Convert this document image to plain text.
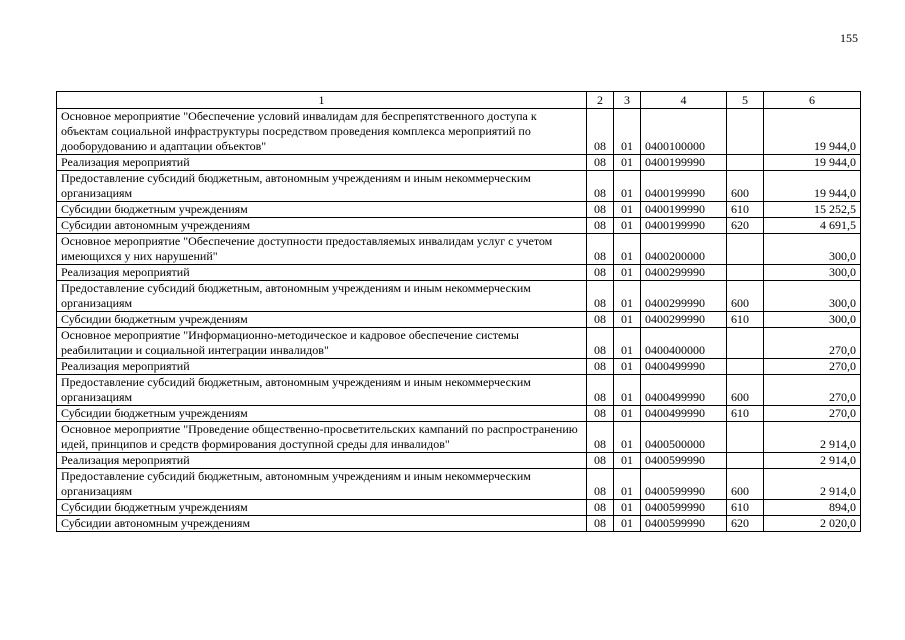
155
1	2	3	4	5	6
Основное мероприятие "Обеспечение условий инвалидам для беспрепятственного доступа к объектам социальной инфраструктуры посредством проведения комплекса мероприятий по дооборудованию и адаптации объектов"	08	01	0400100000		19 944,0
Реализация мероприятий	08	01	0400199990		19 944,0
Предоставление субсидий бюджетным, автономным учреждениям и иным некоммерческим организациям	08	01	0400199990	600	19 944,0
Субсидии бюджетным учреждениям	08	01	0400199990	610	15 252,5
Субсидии автономным учреждениям	08	01	0400199990	620	4 691,5
Основное мероприятие "Обеспечение доступности предоставляемых инвалидам услуг с учетом имеющихся у них нарушений"	08	01	0400200000		300,0
Реализация мероприятий	08	01	0400299990		300,0
Предоставление субсидий бюджетным, автономным учреждениям и иным некоммерческим организациям	08	01	0400299990	600	300,0
Субсидии бюджетным учреждениям	08	01	0400299990	610	300,0
Основное мероприятие "Информационно-методическое и кадровое обеспечение системы реабилитации и социальной интеграции инвалидов"	08	01	0400400000		270,0
Реализация мероприятий	08	01	0400499990		270,0
Предоставление субсидий бюджетным, автономным учреждениям и иным некоммерческим организациям	08	01	0400499990	600	270,0
Субсидии бюджетным учреждениям	08	01	0400499990	610	270,0
Основное мероприятие "Проведение общественно-просветительских кампаний по распространению идей, принципов и средств формирования доступной среды для инвалидов"	08	01	0400500000		2 914,0
Реализация мероприятий	08	01	0400599990		2 914,0
Предоставление субсидий бюджетным, автономным учреждениям и иным некоммерческим организациям	08	01	0400599990	600	2 914,0
Субсидии бюджетным учреждениям	08	01	0400599990	610	894,0
Субсидии автономным учреждениям	08	01	0400599990	620	2 020,0
